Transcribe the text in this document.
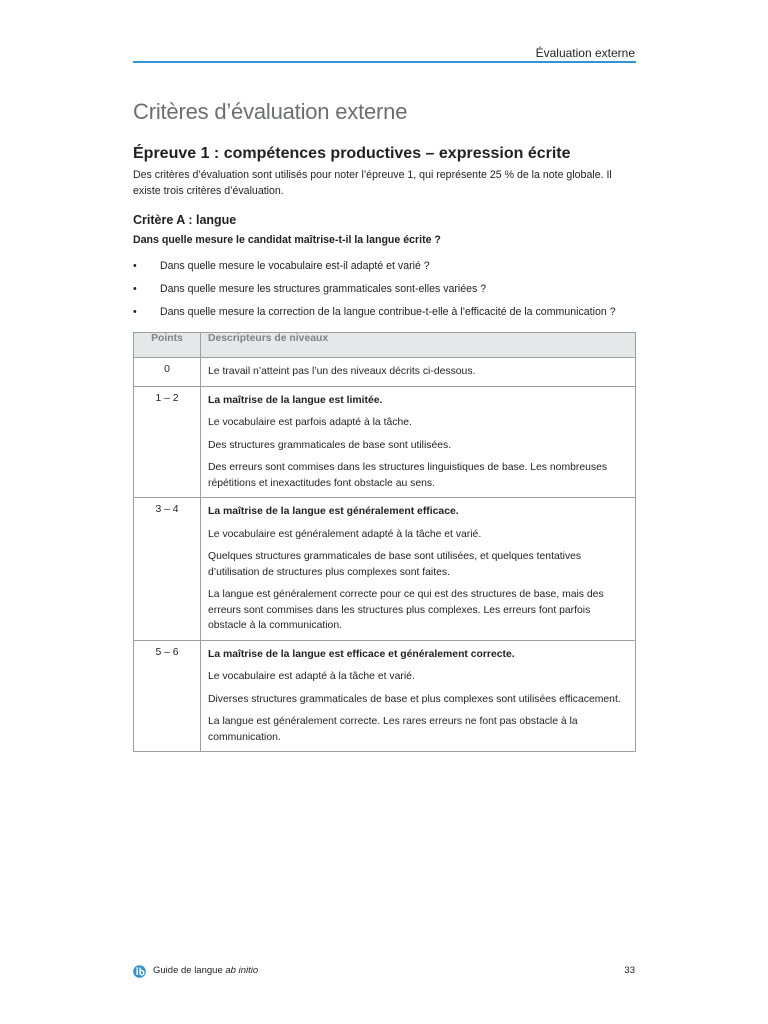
Évaluation externe
Critères d’évaluation externe
Épreuve 1 : compétences productives – expression écrite

Des critères d’évaluation sont utilisés pour noter l’épreuve 1, qui représente 25 % de la note globale. Il existe trois critères d’évaluation.

Critère A : langue

Dans quelle mesure le candidat maîtrise-t-il la langue écrite ?

• Dans quelle mesure le vocabulaire est-il adapté et varié ?
• Dans quelle mesure les structures grammaticales sont-elles variées ?
• Dans quelle mesure la correction de la langue contribue-t-elle à l’efficacité de la communication ?
Points	Descripteurs de niveaux
0	Le travail n’atteint pas l’un des niveaux décrits ci-dessous.

1 – 2	La maîtrise de la langue est limitée.

Le vocabulaire est parfois adapté à la tâche.

Des structures grammaticales de base sont utilisées.

Des erreurs sont commises dans les structures linguistiques de base. Les nombreuses répétitions et inexactitudes font obstacle au sens.

3 – 4	La maîtrise de la langue est généralement efficace.

Le vocabulaire est généralement adapté à la tâche et varié.

Quelques structures grammaticales de base sont utilisées, et quelques tentatives d’utilisation de structures plus complexes sont faites.

La langue est généralement correcte pour ce qui est des structures de base, mais des erreurs sont commises dans les structures plus complexes. Les erreurs font parfois obstacle à la communication.

5 – 6	La maîtrise de la langue est efficace et généralement correcte.

Le vocabulaire est adapté à la tâche et varié.

Diverses structures grammaticales de base et plus complexes sont utilisées efficacement.

La langue est généralement correcte. Les rares erreurs ne font pas obstacle à la communication.

Guide de langue ab initio	33
